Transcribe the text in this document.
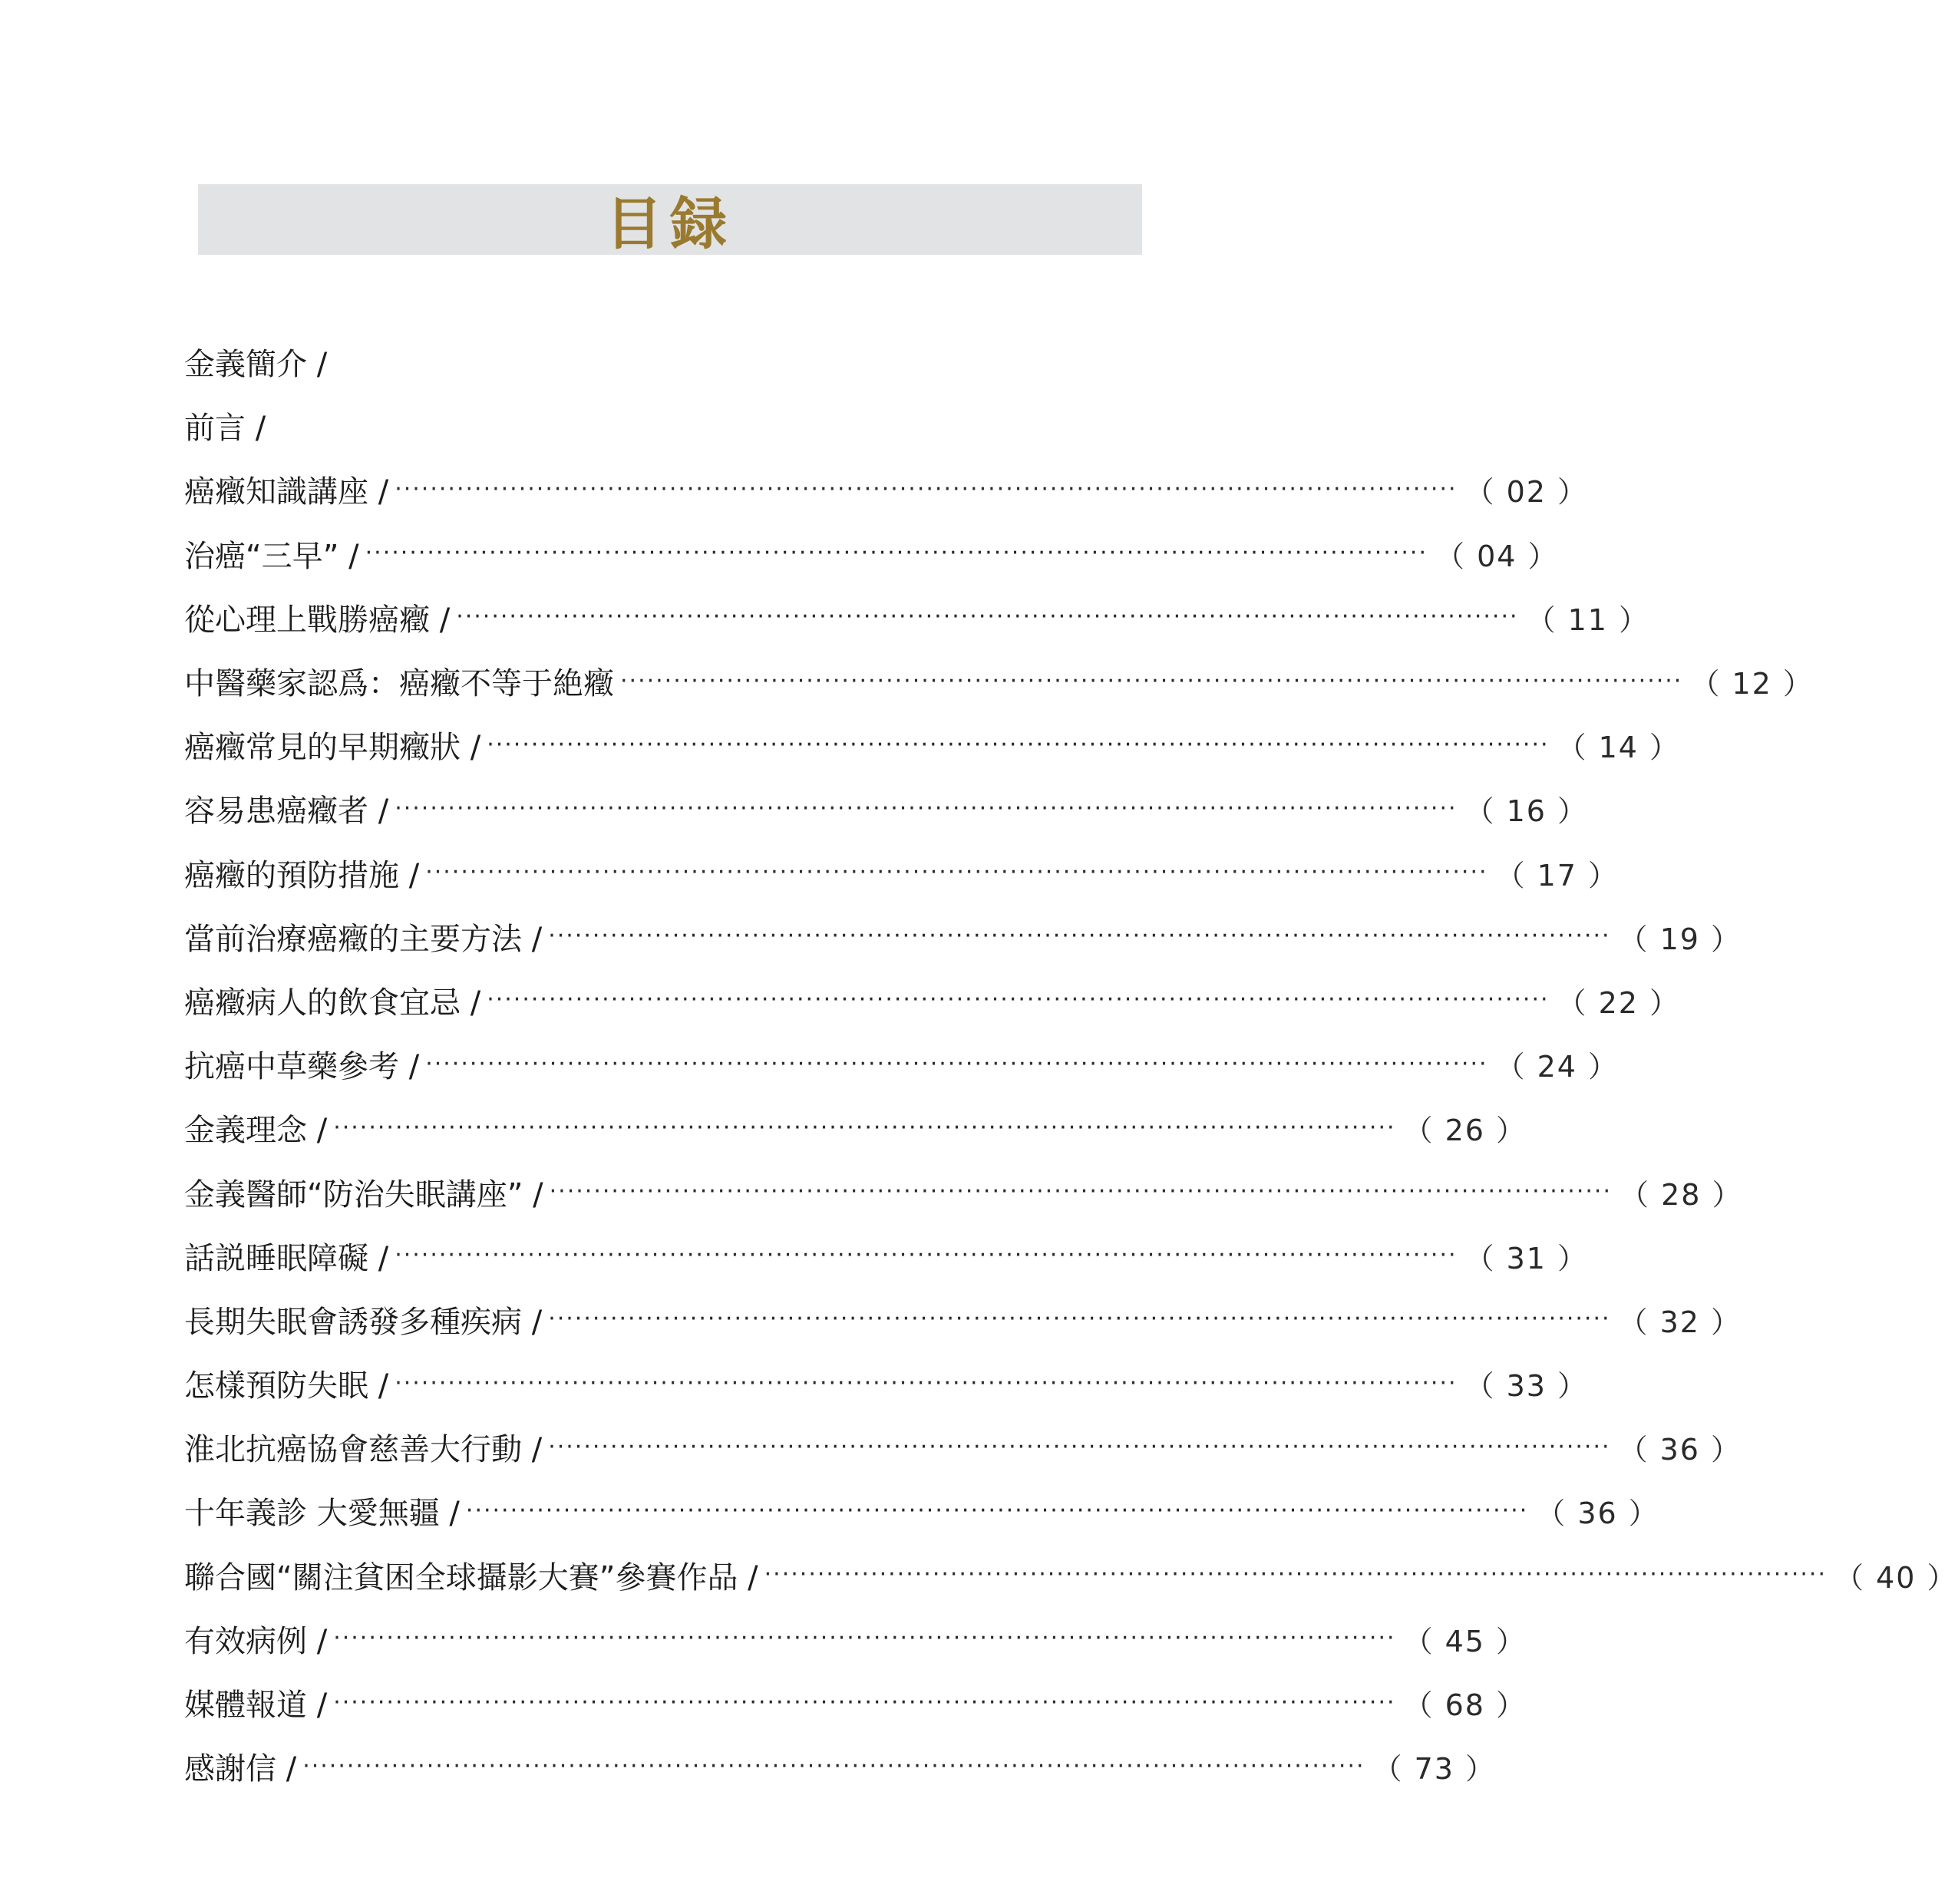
目録
金義簡介 /
前言 /
癌癥知識講座 / ························································································································ （ 02 ）
治癌“三早” / ························································································································ （ 04 ）
從心理上戰勝癌癥 / ························································································································ （ 11 ）
中醫藥家認爲：癌癥不等于絶癥 ························································································································ （ 12 ）
癌癥常見的早期癥狀 / ························································································································ （ 14 ）
容易患癌癥者 / ························································································································ （ 16 ）
癌癥的預防措施 / ························································································································ （ 17 ）
當前治療癌癥的主要方法 / ························································································································ （ 19 ）
癌癥病人的飲食宜忌 / ························································································································ （ 22 ）
抗癌中草藥參考 / ························································································································ （ 24 ）
金義理念 / ························································································································ （ 26 ）
金義醫師“防治失眠講座” / ························································································································ （ 28 ）
話説睡眠障礙 / ························································································································ （ 31 ）
長期失眠會誘發多種疾病 / ························································································································ （ 32 ）
怎樣預防失眠 / ························································································································ （ 33 ）
淮北抗癌協會慈善大行動 / ························································································································ （ 36 ）
十年義診 大愛無疆 / ························································································································ （ 36 ）
聯合國“關注貧困全球攝影大賽”參賽作品 / ························································································································ （ 40 ）
有效病例 / ························································································································ （ 45 ）
媒體報道 / ························································································································ （ 68 ）
感謝信 / ························································································································ （ 73 ）
